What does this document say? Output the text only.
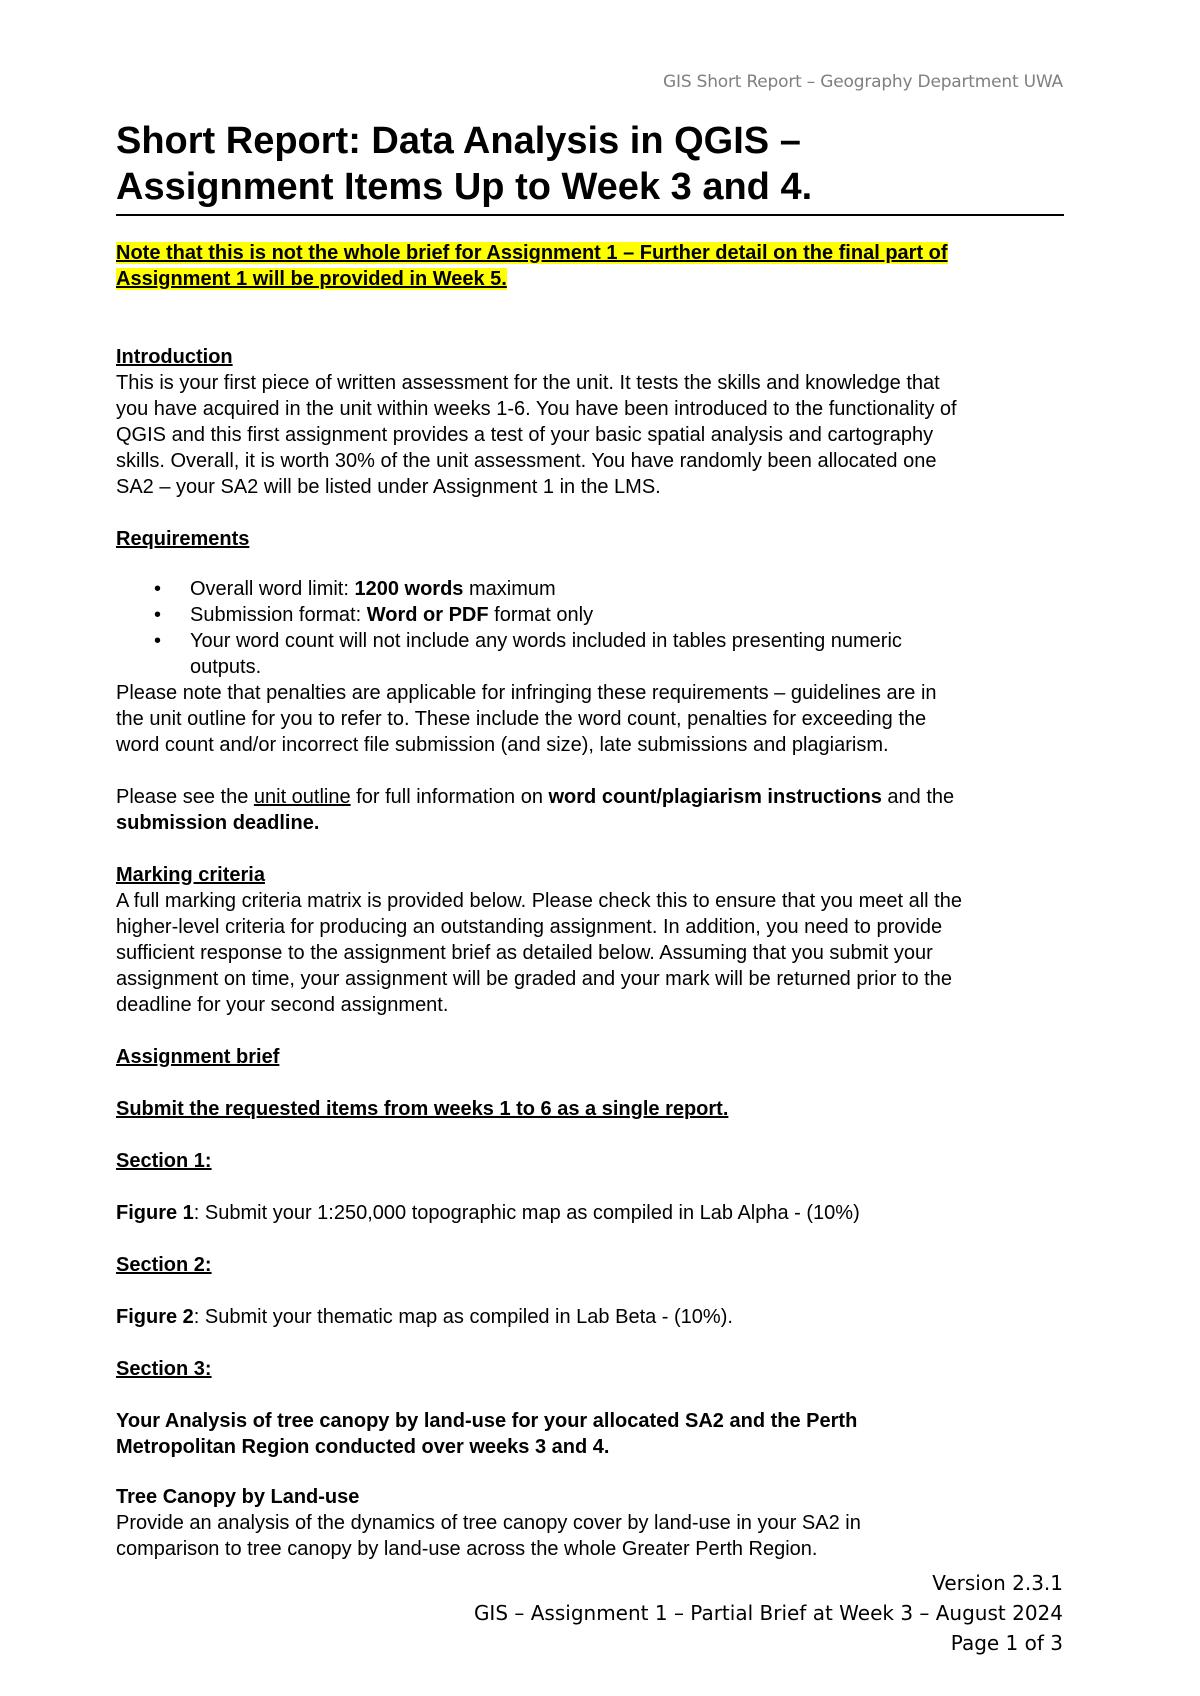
GIS Short Report – Geography Department UWA

Short Report: Data Analysis in QGIS –

Assignment Items Up to Week 3 and 4.

Note that this is not the whole brief for Assignment 1 – Further detail on the final part of

Assignment 1 will be provided in Week 5.

Introduction

This is your first piece of written assessment for the unit. It tests the skills and knowledge that

you have acquired in the unit within weeks 1-6. You have been introduced to the functionality of

QGIS and this first assignment provides a test of your basic spatial analysis and cartography

skills. Overall, it is worth 30% of the unit assessment. You have randomly been allocated one

SA2 – your SA2 will be listed under Assignment 1 in the LMS.

Requirements

• Overall word limit: 1200 words maximum
• Submission format: Word or PDF format only
• Your word count will not include any words included in tables presenting numeric
outputs.

Please note that penalties are applicable for infringing these requirements – guidelines are in

the unit outline for you to refer to. These include the word count, penalties for exceeding the

word count and/or incorrect file submission (and size), late submissions and plagiarism.

Please see the unit outline for full information on word count/plagiarism instructions and the

submission deadline.

Marking criteria

A full marking criteria matrix is provided below. Please check this to ensure that you meet all the

higher-level criteria for producing an outstanding assignment. In addition, you need to provide

sufficient response to the assignment brief as detailed below. Assuming that you submit your

assignment on time, your assignment will be graded and your mark will be returned prior to the

deadline for your second assignment.

Assignment brief

Submit the requested items from weeks 1 to 6 as a single report.

Section 1:

Figure 1: Submit your 1:250,000 topographic map as compiled in Lab Alpha - (10%)

Section 2:

Figure 2: Submit your thematic map as compiled in Lab Beta - (10%).

Section 3:

Your Analysis of tree canopy by land-use for your allocated SA2 and the Perth

Metropolitan Region conducted over weeks 3 and 4.

Tree Canopy by Land-use

Provide an analysis of the dynamics of tree canopy cover by land-use in your SA2 in

comparison to tree canopy by land-use across the whole Greater Perth Region.

Version 2.3.1
GIS – Assignment 1 – Partial Brief at Week 3 – August 2024
Page 1 of 3
